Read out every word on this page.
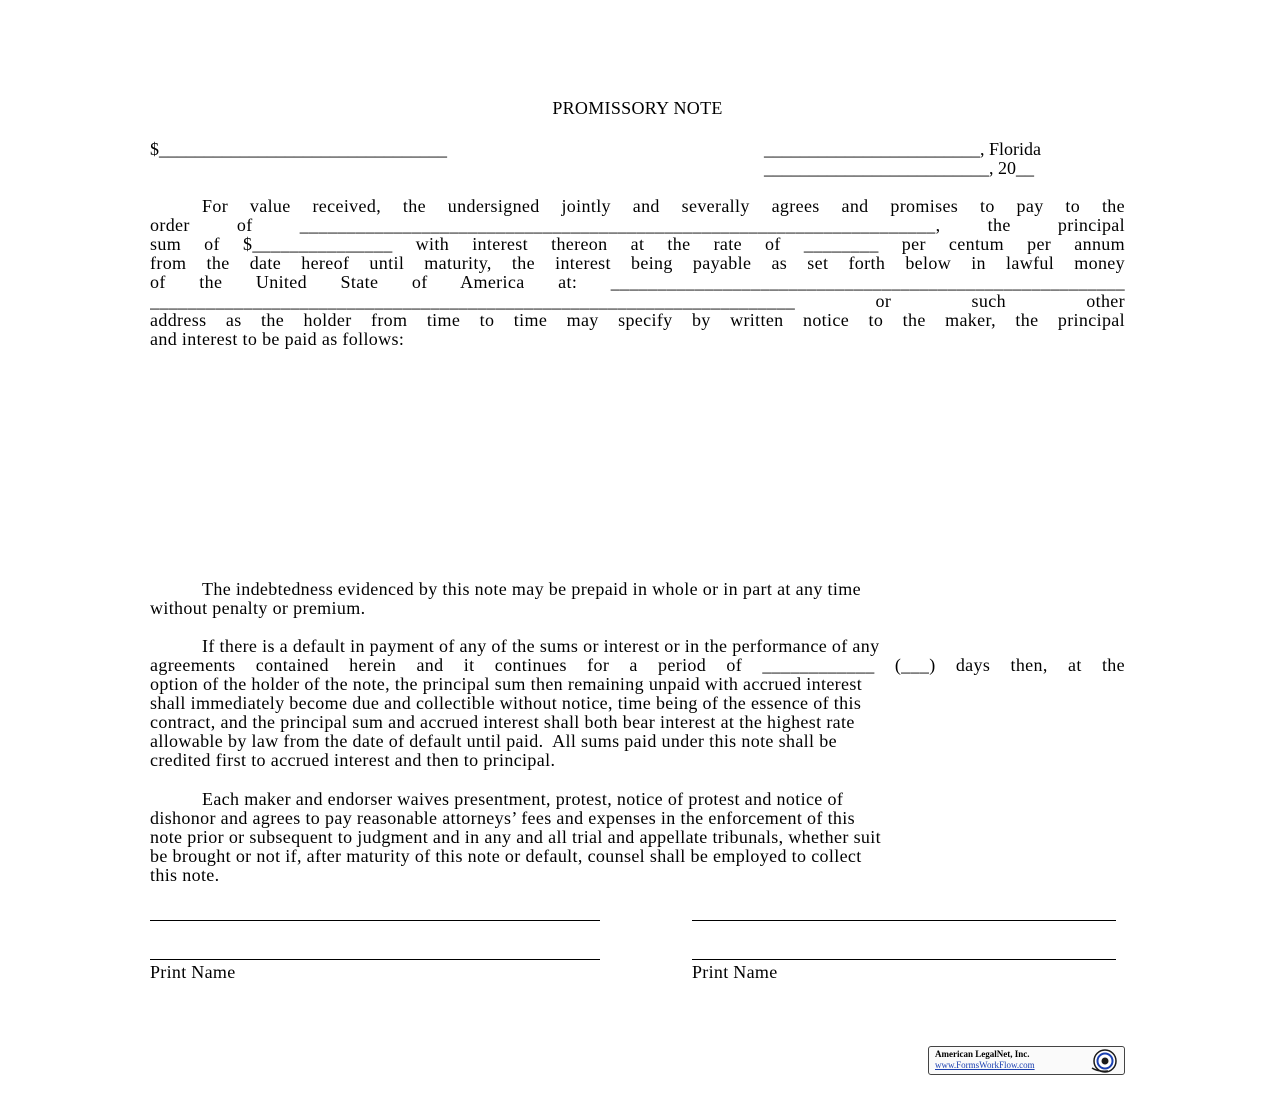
PROMISSORY NOTE
$________________________________	________________________, Florida
_________________________, 20__
For value received, the undersigned jointly and severally agrees and promises to pay to the
order of ____________________________________________________________________, the principal
sum of $_______________ with interest thereon at the rate of ________ per centum per annum
from the date hereof until maturity, the interest being payable as set forth below in lawful money
of the United State of America at: _______________________________________________________
_____________________________________________________________________ or such other
address as the holder from time to time may specify by written notice to the maker, the principal
and interest to be paid as follows:
The indebtedness evidenced by this note may be prepaid in whole or in part at any time
without penalty or premium.
If there is a default in payment of any of the sums or interest or in the performance of any
agreements contained herein and it continues for a period of ____________ (___) days then, at the
option of the holder of the note, the principal sum then remaining unpaid with accrued interest
shall immediately become due and collectible without notice, time being of the essence of this
contract, and the principal sum and accrued interest shall both bear interest at the highest rate
allowable by law from the date of default until paid.  All sums paid under this note shall be
credited first to accrued interest and then to principal.
Each maker and endorser waives presentment, protest, notice of protest and notice of
dishonor and agrees to pay reasonable attorneys’ fees and expenses in the enforcement of this
note prior or subsequent to judgment and in any and all trial and appellate tribunals, whether suit
be brought or not if, after maturity of this note or default, counsel shall be employed to collect
this note.
Print Name	Print Name
American LegalNet, Inc.
www.FormsWorkFlow.com
